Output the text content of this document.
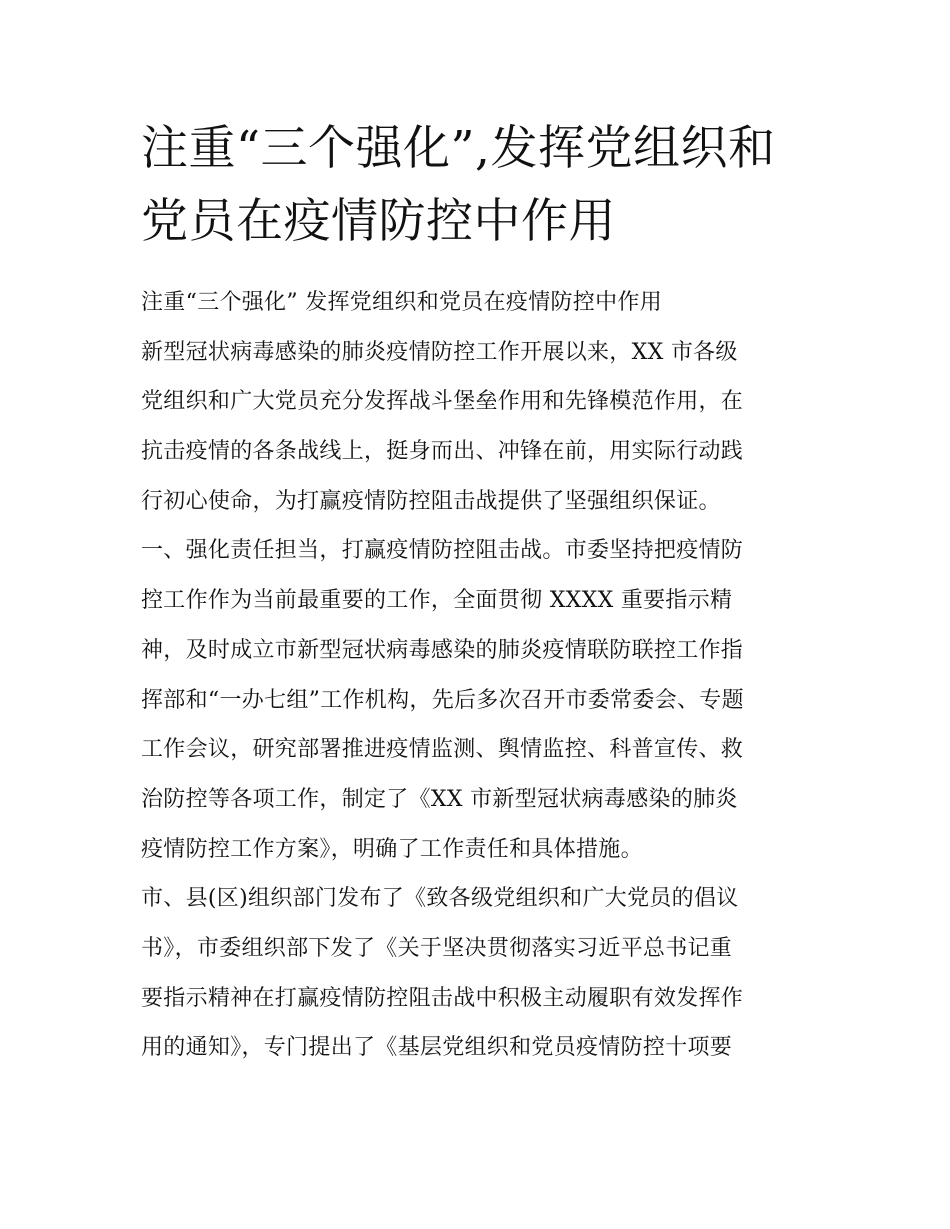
注重“三个强化”,发挥党组织和
党员在疫情防控中作用
注重“三个强化” 发挥党组织和党员在疫情防控中作用
新型冠状病毒感染的肺炎疫情防控工作开展以来，XX 市各级
党组织和广大党员充分发挥战斗堡垒作用和先锋模范作用，在
抗击疫情的各条战线上，挺身而出、冲锋在前，用实际行动践
行初心使命，为打赢疫情防控阻击战提供了坚强组织保证。
一、强化责任担当，打赢疫情防控阻击战。市委坚持把疫情防
控工作作为当前最重要的工作，全面贯彻 XXXX 重要指示精
神，及时成立市新型冠状病毒感染的肺炎疫情联防联控工作指
挥部和“一办七组”工作机构，先后多次召开市委常委会、专题
工作会议，研究部署推进疫情监测、舆情监控、科普宣传、救
治防控等各项工作，制定了《XX 市新型冠状病毒感染的肺炎
疫情防控工作方案》，明确了工作责任和具体措施。
市、县(区)组织部门发布了《致各级党组织和广大党员的倡议
书》，市委组织部下发了《关于坚决贯彻落实习近平总书记重
要指示精神在打赢疫情防控阻击战中积极主动履职有效发挥作
用的通知》，专门提出了《基层党组织和党员疫情防控十项要
